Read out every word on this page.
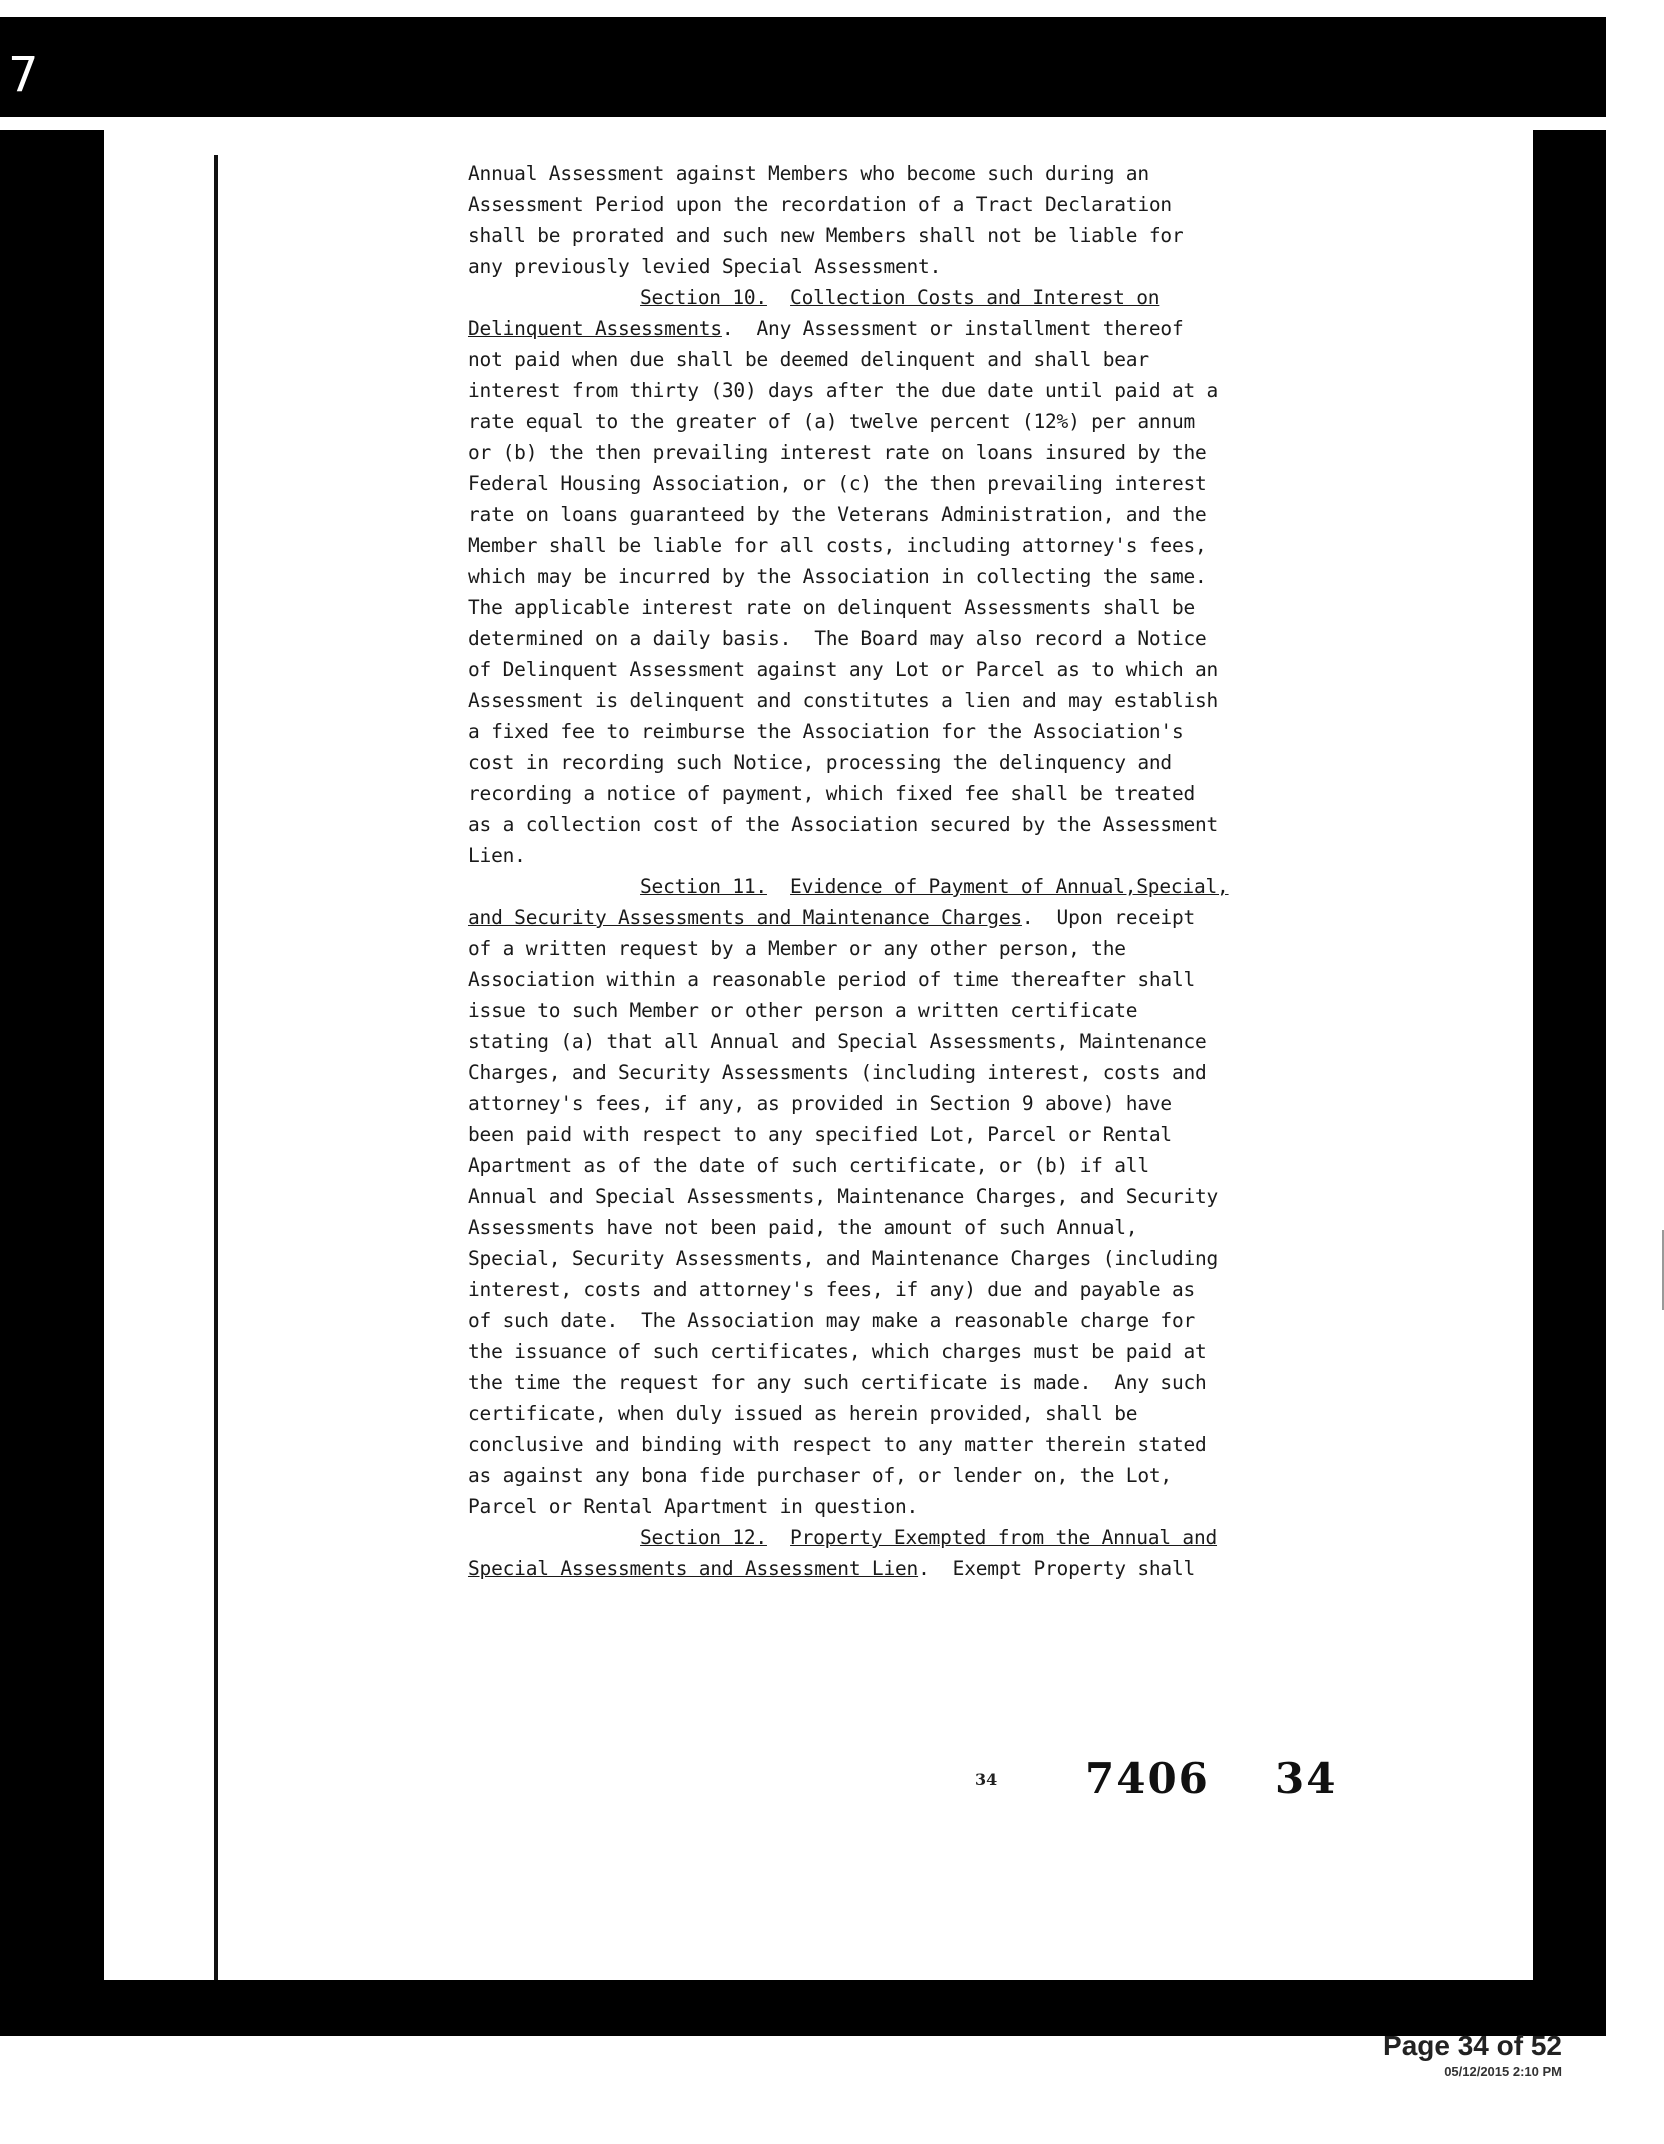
7
Annual Assessment against Members who become such during an
Assessment Period upon the recordation of a Tract Declaration
shall be prorated and such new Members shall not be liable for
any previously levied Special Assessment.
Section 10. Collection Costs and Interest on
Delinquent Assessments.  Any Assessment or installment thereof
not paid when due shall be deemed delinquent and shall bear
interest from thirty (30) days after the due date until paid at a
rate equal to the greater of (a) twelve percent (12%) per annum
or (b) the then prevailing interest rate on loans insured by the
Federal Housing Association, or (c) the then prevailing interest
rate on loans guaranteed by the Veterans Administration, and the
Member shall be liable for all costs, including attorney's fees,
which may be incurred by the Association in collecting the same.
The applicable interest rate on delinquent Assessments shall be
determined on a daily basis.  The Board may also record a Notice
of Delinquent Assessment against any Lot or Parcel as to which an
Assessment is delinquent and constitutes a lien and may establish
a fixed fee to reimburse the Association for the Association's
cost in recording such Notice, processing the delinquency and
recording a notice of payment, which fixed fee shall be treated
as a collection cost of the Association secured by the Assessment
Lien.
Section 11. Evidence of Payment of Annual,Special,
and Security Assessments and Maintenance Charges.  Upon receipt
of a written request by a Member or any other person, the
Association within a reasonable period of time thereafter shall
issue to such Member or other person a written certificate
stating (a) that all Annual and Special Assessments, Maintenance
Charges, and Security Assessments (including interest, costs and
attorney's fees, if any, as provided in Section 9 above) have
been paid with respect to any specified Lot, Parcel or Rental
Apartment as of the date of such certificate, or (b) if all
Annual and Special Assessments, Maintenance Charges, and Security
Assessments have not been paid, the amount of such Annual,
Special, Security Assessments, and Maintenance Charges (including
interest, costs and attorney's fees, if any) due and payable as
of such date.  The Association may make a reasonable charge for
the issuance of such certificates, which charges must be paid at
the time the request for any such certificate is made.  Any such
certificate, when duly issued as herein provided, shall be
conclusive and binding with respect to any matter therein stated
as against any bona fide purchaser of, or lender on, the Lot,
Parcel or Rental Apartment in question.
Section 12. Property Exempted from the Annual and
Special Assessments and Assessment Lien.  Exempt Property shall
34 7406 34
Page 34 of 52
05/12/2015 2:10 PM
